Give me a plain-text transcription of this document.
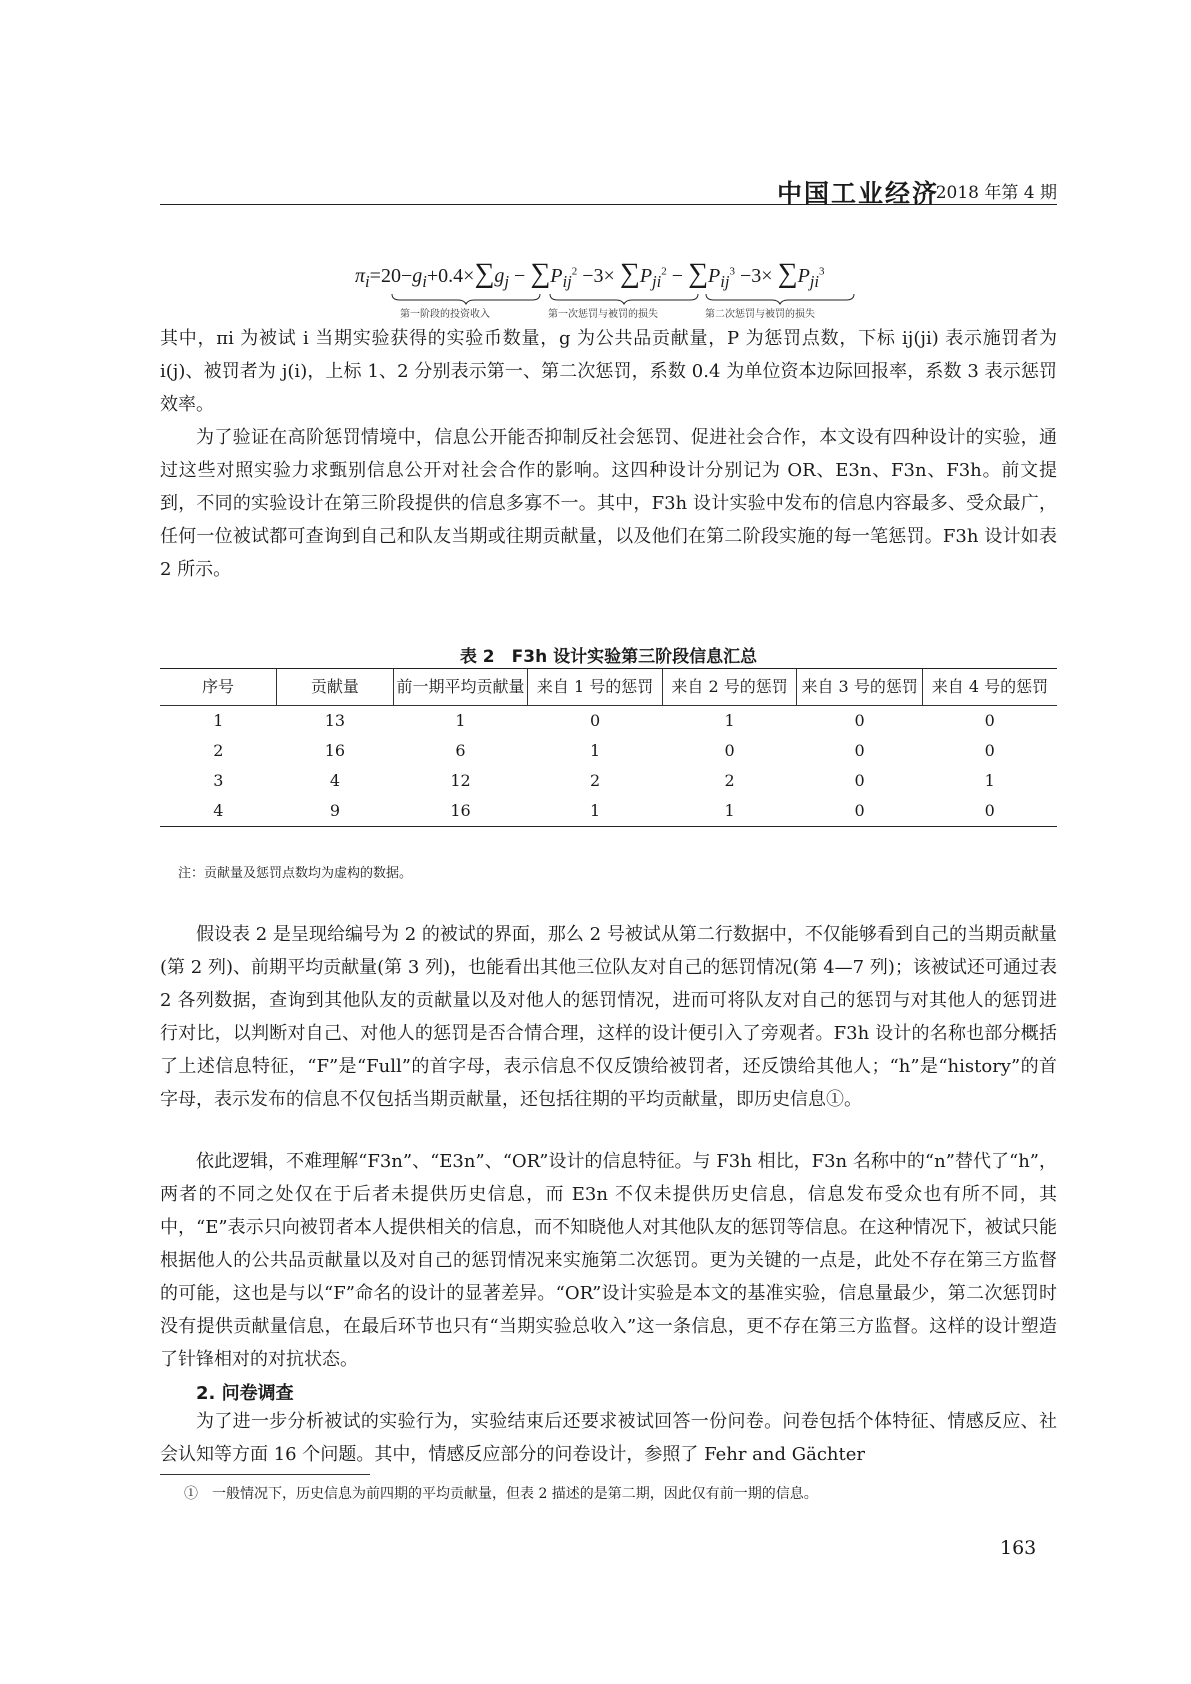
中国工业经济
2018 年第 4 期
$\pi_i=20-g_i+0.4\times\sum g_j - \sum P_{ij}^2 -3\times \sum P_{ji}^2 - \sum P_{ij}^3 -3\times \sum P_{ji}^3$
第一阶段的投资收入	第一次惩罚与被罚的损失	第二次惩罚与被罚的损失

其中，πi 为被试 i 当期实验获得的实验币数量，g 为公共品贡献量，P 为惩罚点数，下标 ij(ji) 表示施罚者为 i(j)、被罚者为 j(i)，上标 1、2 分别表示第一、第二次惩罚，系数 0.4 为单位资本边际回报率，系数 3 表示惩罚效率。

为了验证在高阶惩罚情境中，信息公开能否抑制反社会惩罚、促进社会合作，本文设有四种设计的实验，通过这些对照实验力求甄别信息公开对社会合作的影响。这四种设计分别记为 OR、E3n、F3n、F3h。前文提到，不同的实验设计在第三阶段提供的信息多寡不一。其中，F3h 设计实验中发布的信息内容最多、受众最广，任何一位被试都可查询到自己和队友当期或往期贡献量，以及他们在第二阶段实施的每一笔惩罚。F3h 设计如表 2 所示。

表 2　F3h 设计实验第三阶段信息汇总
序号	贡献量	前一期平均贡献量	来自 1 号的惩罚	来自 2 号的惩罚	来自 3 号的惩罚	来自 4 号的惩罚
1	13	1	0	1	0	0
2	16	6	1	0	0	0
3	4	12	2	2	0	1
4	9	16	1	1	0	0
注：贡献量及惩罚点数均为虚构的数据。

假设表 2 是呈现给编号为 2 的被试的界面，那么 2 号被试从第二行数据中，不仅能够看到自己的当期贡献量(第 2 列)、前期平均贡献量(第 3 列)，也能看出其他三位队友对自己的惩罚情况(第 4—7 列)；该被试还可通过表 2 各列数据，查询到其他队友的贡献量以及对他人的惩罚情况，进而可将队友对自己的惩罚与对其他人的惩罚进行对比，以判断对自己、对他人的惩罚是否合情合理，这样的设计便引入了旁观者。F3h 设计的名称也部分概括了上述信息特征，“F”是“Full”的首字母，表示信息不仅反馈给被罚者，还反馈给其他人；“h”是“history”的首字母，表示发布的信息不仅包括当期贡献量，还包括往期的平均贡献量，即历史信息①。

依此逻辑，不难理解“F3n”、“E3n”、“OR”设计的信息特征。与 F3h 相比，F3n 名称中的“n”替代了“h”，两者的不同之处仅在于后者未提供历史信息，而 E3n 不仅未提供历史信息，信息发布受众也有所不同，其中，“E”表示只向被罚者本人提供相关的信息，而不知晓他人对其他队友的惩罚等信息。在这种情况下，被试只能根据他人的公共品贡献量以及对自己的惩罚情况来实施第二次惩罚。更为关键的一点是，此处不存在第三方监督的可能，这也是与以“F”命名的设计的显著差异。“OR”设计实验是本文的基准实验，信息量最少，第二次惩罚时没有提供贡献量信息，在最后环节也只有“当期实验总收入”这一条信息，更不存在第三方监督。这样的设计塑造了针锋相对的对抗状态。

2. 问卷调查

为了进一步分析被试的实验行为，实验结束后还要求被试回答一份问卷。问卷包括个体特征、情感反应、社会认知等方面 16 个问题。其中，情感反应部分的问卷设计，参照了 Fehr and Gächter

①　一般情况下，历史信息为前四期的平均贡献量，但表 2 描述的是第二期，因此仅有前一期的信息。
163
